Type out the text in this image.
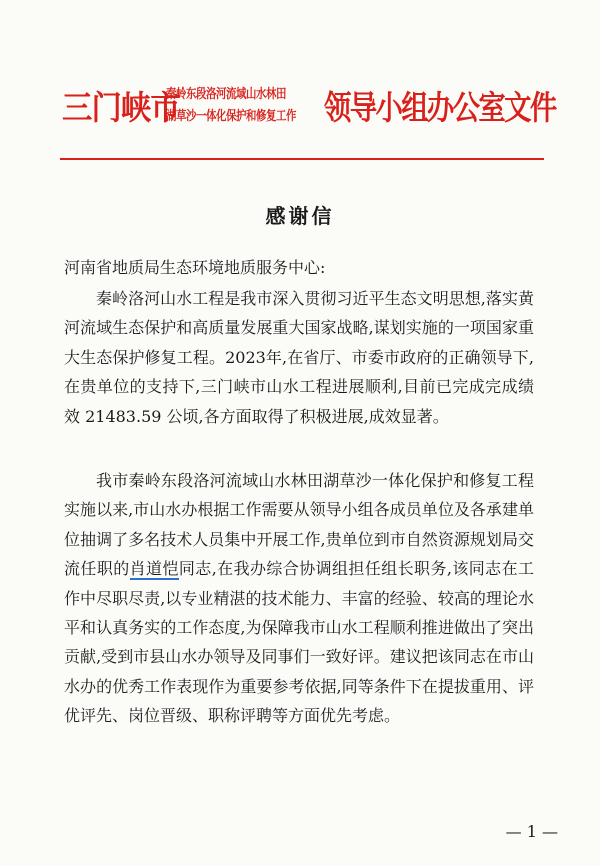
三门峡市
秦岭东段洛河流域山水林田
湖草沙一体化保护和修复工作 领导小组办公室文件
感谢信
河南省地质局生态环境地质服务中心:
秦岭洛河山水工程是我市深入贯彻习近平生态文明思想,落实黄河流域生态保护和高质量发展重大国家战略,谋划实施的一项国家重大生态保护修复工程。2023年,在省厅、市委市政府的正确领导下,在贵单位的支持下,三门峡市山水工程进展顺利,目前已完成完成绩效 21483.59 公顷,各方面取得了积极进展,成效显著。
我市秦岭东段洛河流域山水林田湖草沙一体化保护和修复工程实施以来,市山水办根据工作需要从领导小组各成员单位及各承建单位抽调了多名技术人员集中开展工作,贵单位到市自然资源规划局交流任职的肖道恺同志,在我办综合协调组担任组长职务,该同志在工作中尽职尽责,以专业精湛的技术能力、丰富的经验、较高的理论水平和认真务实的工作态度,为保障我市山水工程顺利推进做出了突出贡献,受到市县山水办领导及同事们一致好评。建议把该同志在市山水办的优秀工作表现作为重要参考依据,同等条件下在提拔重用、评优评先、岗位晋级、职称评聘等方面优先考虑。
— 1 —
